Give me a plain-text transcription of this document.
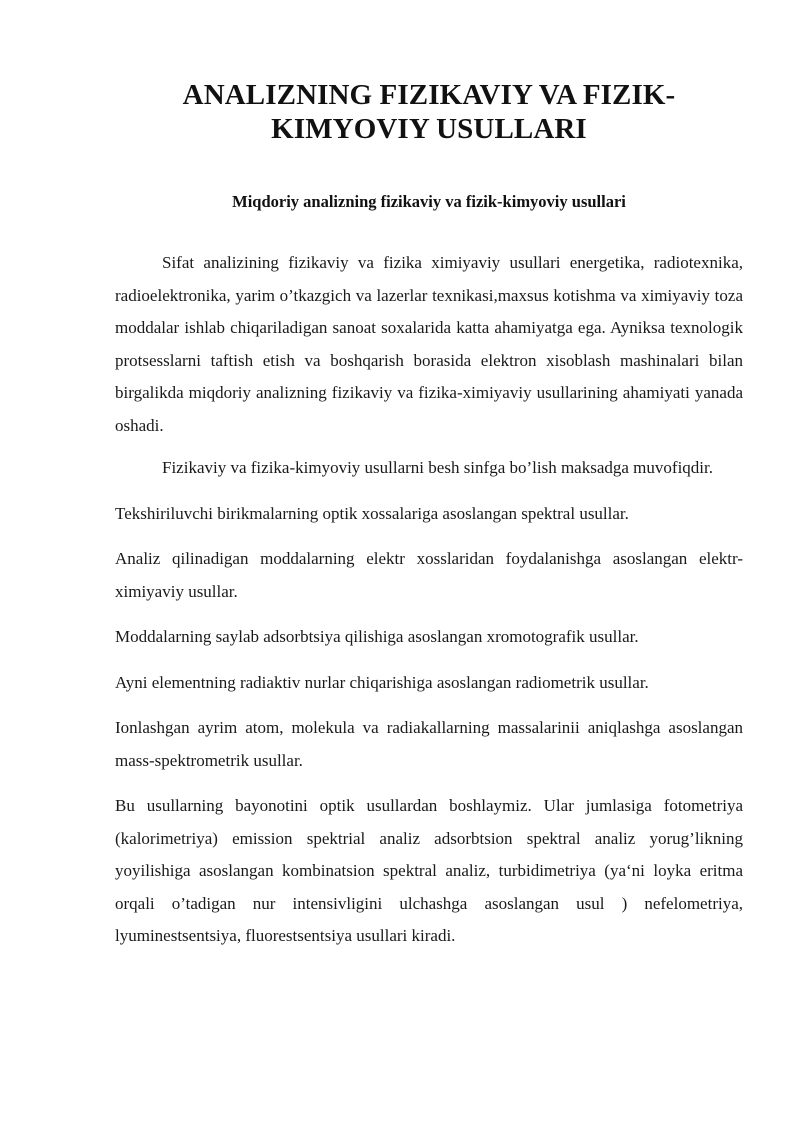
ANALIZNING FIZIKAVIY VA FIZIK-KIMYOVIY USULLARI
Miqdoriy analizning fizikaviy va fizik-kimyoviy usullari

Sifat analizining fizikaviy va fizika ximiyaviy usullari energetika, radiotexnika, radioelektronika, yarim o’tkazgich va lazerlar texnikasi,maxsus kotishma va ximiyaviy toza moddalar ishlab chiqariladigan sanoat soxalarida katta ahamiyatga ega. Ayniksa texnologik protsesslarni taftish etish va boshqarish borasida elektron xisoblash mashinalari bilan birgalikda miqdoriy analizning fizikaviy va fizika-ximiyaviy usullarining ahamiyati yanada oshadi.

Fizikaviy va fizika-kimyoviy usullarni besh sinfga bo’lish maksadga muvofiqdir.

Tekshiriluvchi birikmalarning optik xossalariga asoslangan spektral usullar.

Analiz qilinadigan moddalarning elektr xosslaridan foydalanishga asoslangan elektr-ximiyaviy usullar.

Moddalarning saylab adsorbtsiya qilishiga asoslangan xromotografik usullar.

Ayni elementning radiaktiv nurlar chiqarishiga asoslangan radiometrik usullar.

Ionlashgan ayrim atom, molekula va radiakallarning massalarinii aniqlashga asoslangan mass-spektrometrik usullar.

Bu usullarning bayonotini optik usullardan boshlaymiz. Ular jumlasiga fotometriya (kalorimetriya) emission spektrial analiz adsorbtsion spektral analiz yorug’likning yoyilishiga asoslangan kombinatsion spektral analiz, turbidimetriya (ya‘ni loyka eritma orqali o’tadigan nur intensivligini ulchashga asoslangan usul ) nefelometriya, lyuminestsentsiya, fluorestsentsiya usullari kiradi.
